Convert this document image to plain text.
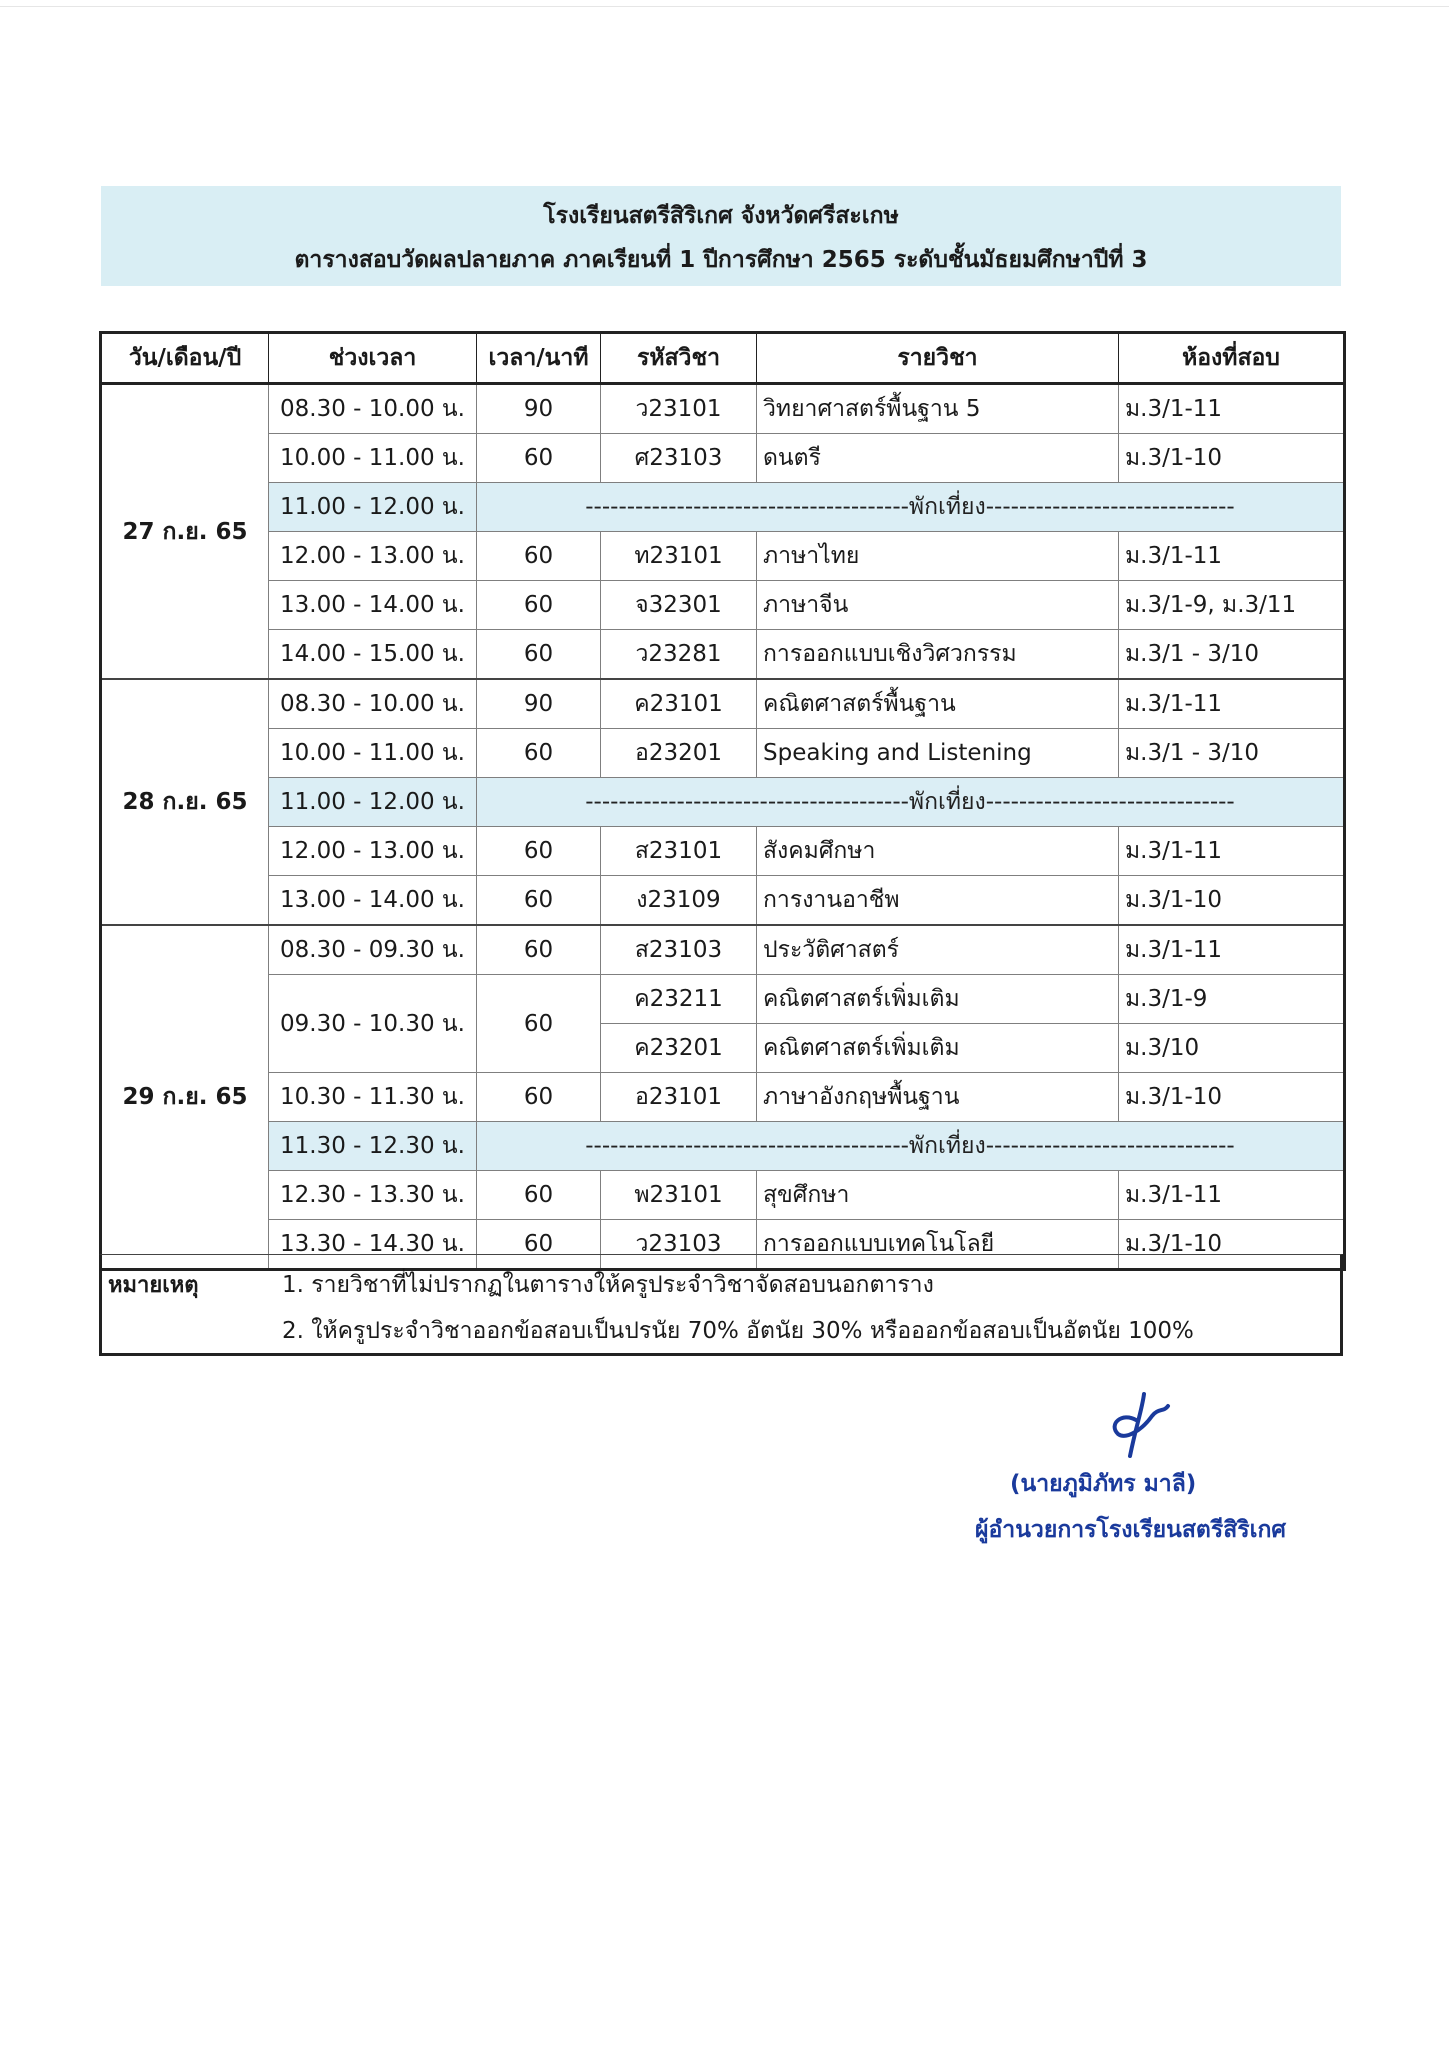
โรงเรียนสตรีสิริเกศ จังหวัดศรีสะเกษ
ตารางสอบวัดผลปลายภาค ภาคเรียนที่ 1 ปีการศึกษา 2565 ระดับชั้นมัธยมศึกษาปีที่ 3
วัน/เดือน/ปี	ช่วงเวลา	เวลา/นาที	รหัสวิชา	รายวิชา	ห้องที่สอบ
27 ก.ย. 65	08.30 - 10.00 น.	90	ว23101	วิทยาศาสตร์พื้นฐาน 5	ม.3/1-11
	10.00 - 11.00 น.	60	ศ23103	ดนตรี	ม.3/1-10
	11.00 - 12.00 น.	---------------------------------------พักเที่ยง------------------------------			
	12.00 - 13.00 น.	60	ท23101	ภาษาไทย	ม.3/1-11
	13.00 - 14.00 น.	60	จ32301	ภาษาจีน	ม.3/1-9, ม.3/11
	14.00 - 15.00 น.	60	ว23281	การออกแบบเชิงวิศวกรรม	ม.3/1 - 3/10
28 ก.ย. 65	08.30 - 10.00 น.	90	ค23101	คณิตศาสตร์พื้นฐาน	ม.3/1-11
	10.00 - 11.00 น.	60	อ23201	Speaking and Listening	ม.3/1 - 3/10
	11.00 - 12.00 น.	---------------------------------------พักเที่ยง------------------------------			
	12.00 - 13.00 น.	60	ส23101	สังคมศึกษา	ม.3/1-11
	13.00 - 14.00 น.	60	ง23109	การงานอาชีพ	ม.3/1-10
29 ก.ย. 65	08.30 - 09.30 น.	60	ส23103	ประวัติศาสตร์	ม.3/1-11
	09.30 - 10.30 น.	60	ค23211	คณิตศาสตร์เพิ่มเติม	ม.3/1-9
			ค23201	คณิตศาสตร์เพิ่มเติม	ม.3/10
	10.30 - 11.30 น.	60	อ23101	ภาษาอังกฤษพื้นฐาน	ม.3/1-10
	11.30 - 12.30 น.	---------------------------------------พักเที่ยง------------------------------			
	12.30 - 13.30 น.	60	พ23101	สุขศึกษา	ม.3/1-11
	13.30 - 14.30 น.	60	ว23103	การออกแบบเทคโนโลยี	ม.3/1-10
หมายเหตุ	1. รายวิชาที่ไม่ปรากฏในตารางให้ครูประจำวิชาจัดสอบนอกตาราง
2. ให้ครูประจำวิชาออกข้อสอบเป็นปรนัย 70% อัตนัย 30% หรือออกข้อสอบเป็นอัตนัย 100%
(นายภูมิภัทร มาลี)
ผู้อำนวยการโรงเรียนสตรีสิริเกศ
